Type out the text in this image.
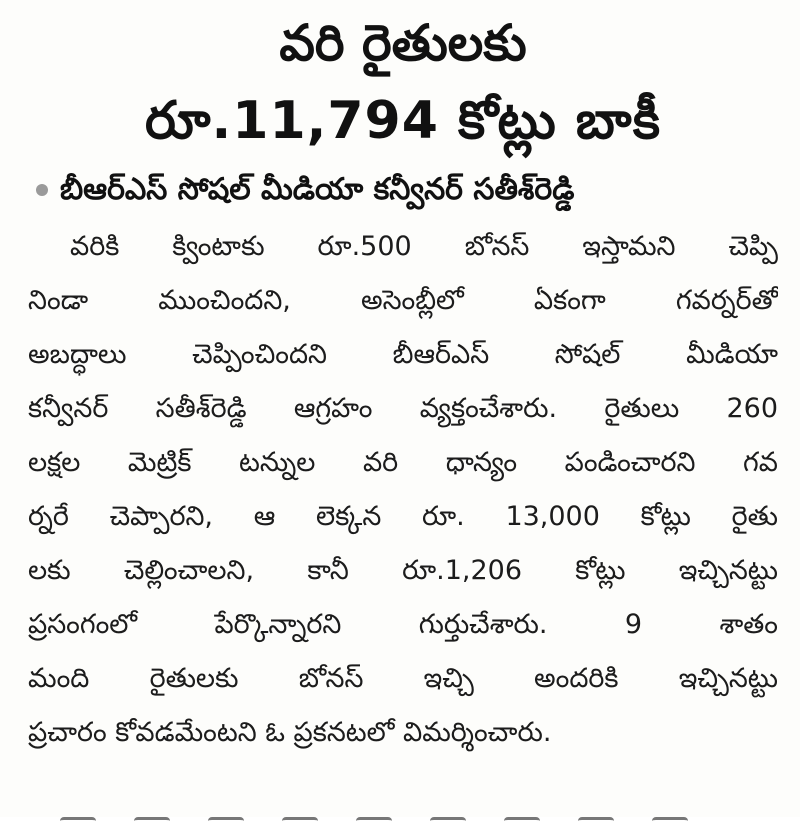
వరి రైతులకు
రూ.11,794 కోట్లు బాకీ
బీఆర్‌ఎస్‌ సోషల్‌ మీడియా కన్వీనర్‌ సతీశ్‌రెడ్డి
వరికి క్వింటాకు రూ.500 బోనస్‌ ఇస్తామని చెప్పి
నిండా ముంచిందని, అసెంబ్లీలో ఏకంగా గవర్నర్‌తో
అబద్ధాలు చెప్పించిందని బీఆర్‌ఎస్‌ సోషల్‌ మీడియా
కన్వీనర్‌ సతీశ్‌రెడ్డి ఆగ్రహం వ్యక్తంచేశారు. రైతులు 260
లక్షల మెట్రిక్‌ టన్నుల వరి ధాన్యం పండించారని గవ
ర్నరే చెప్పారని, ఆ లెక్కన రూ. 13,000 కోట్లు రైతు
లకు చెల్లించాలని, కానీ రూ.1,206 కోట్లు ఇచ్చినట్టు
ప్రసంగంలో పేర్కొన్నారని గుర్తుచేశారు. 9 శాతం
మంది రైతులకు బోనస్‌ ఇచ్చి అందరికి ఇచ్చినట్టు
ప్రచారం కోవడమేంటని ఓ ప్రకనటలో విమర్శించారు.
